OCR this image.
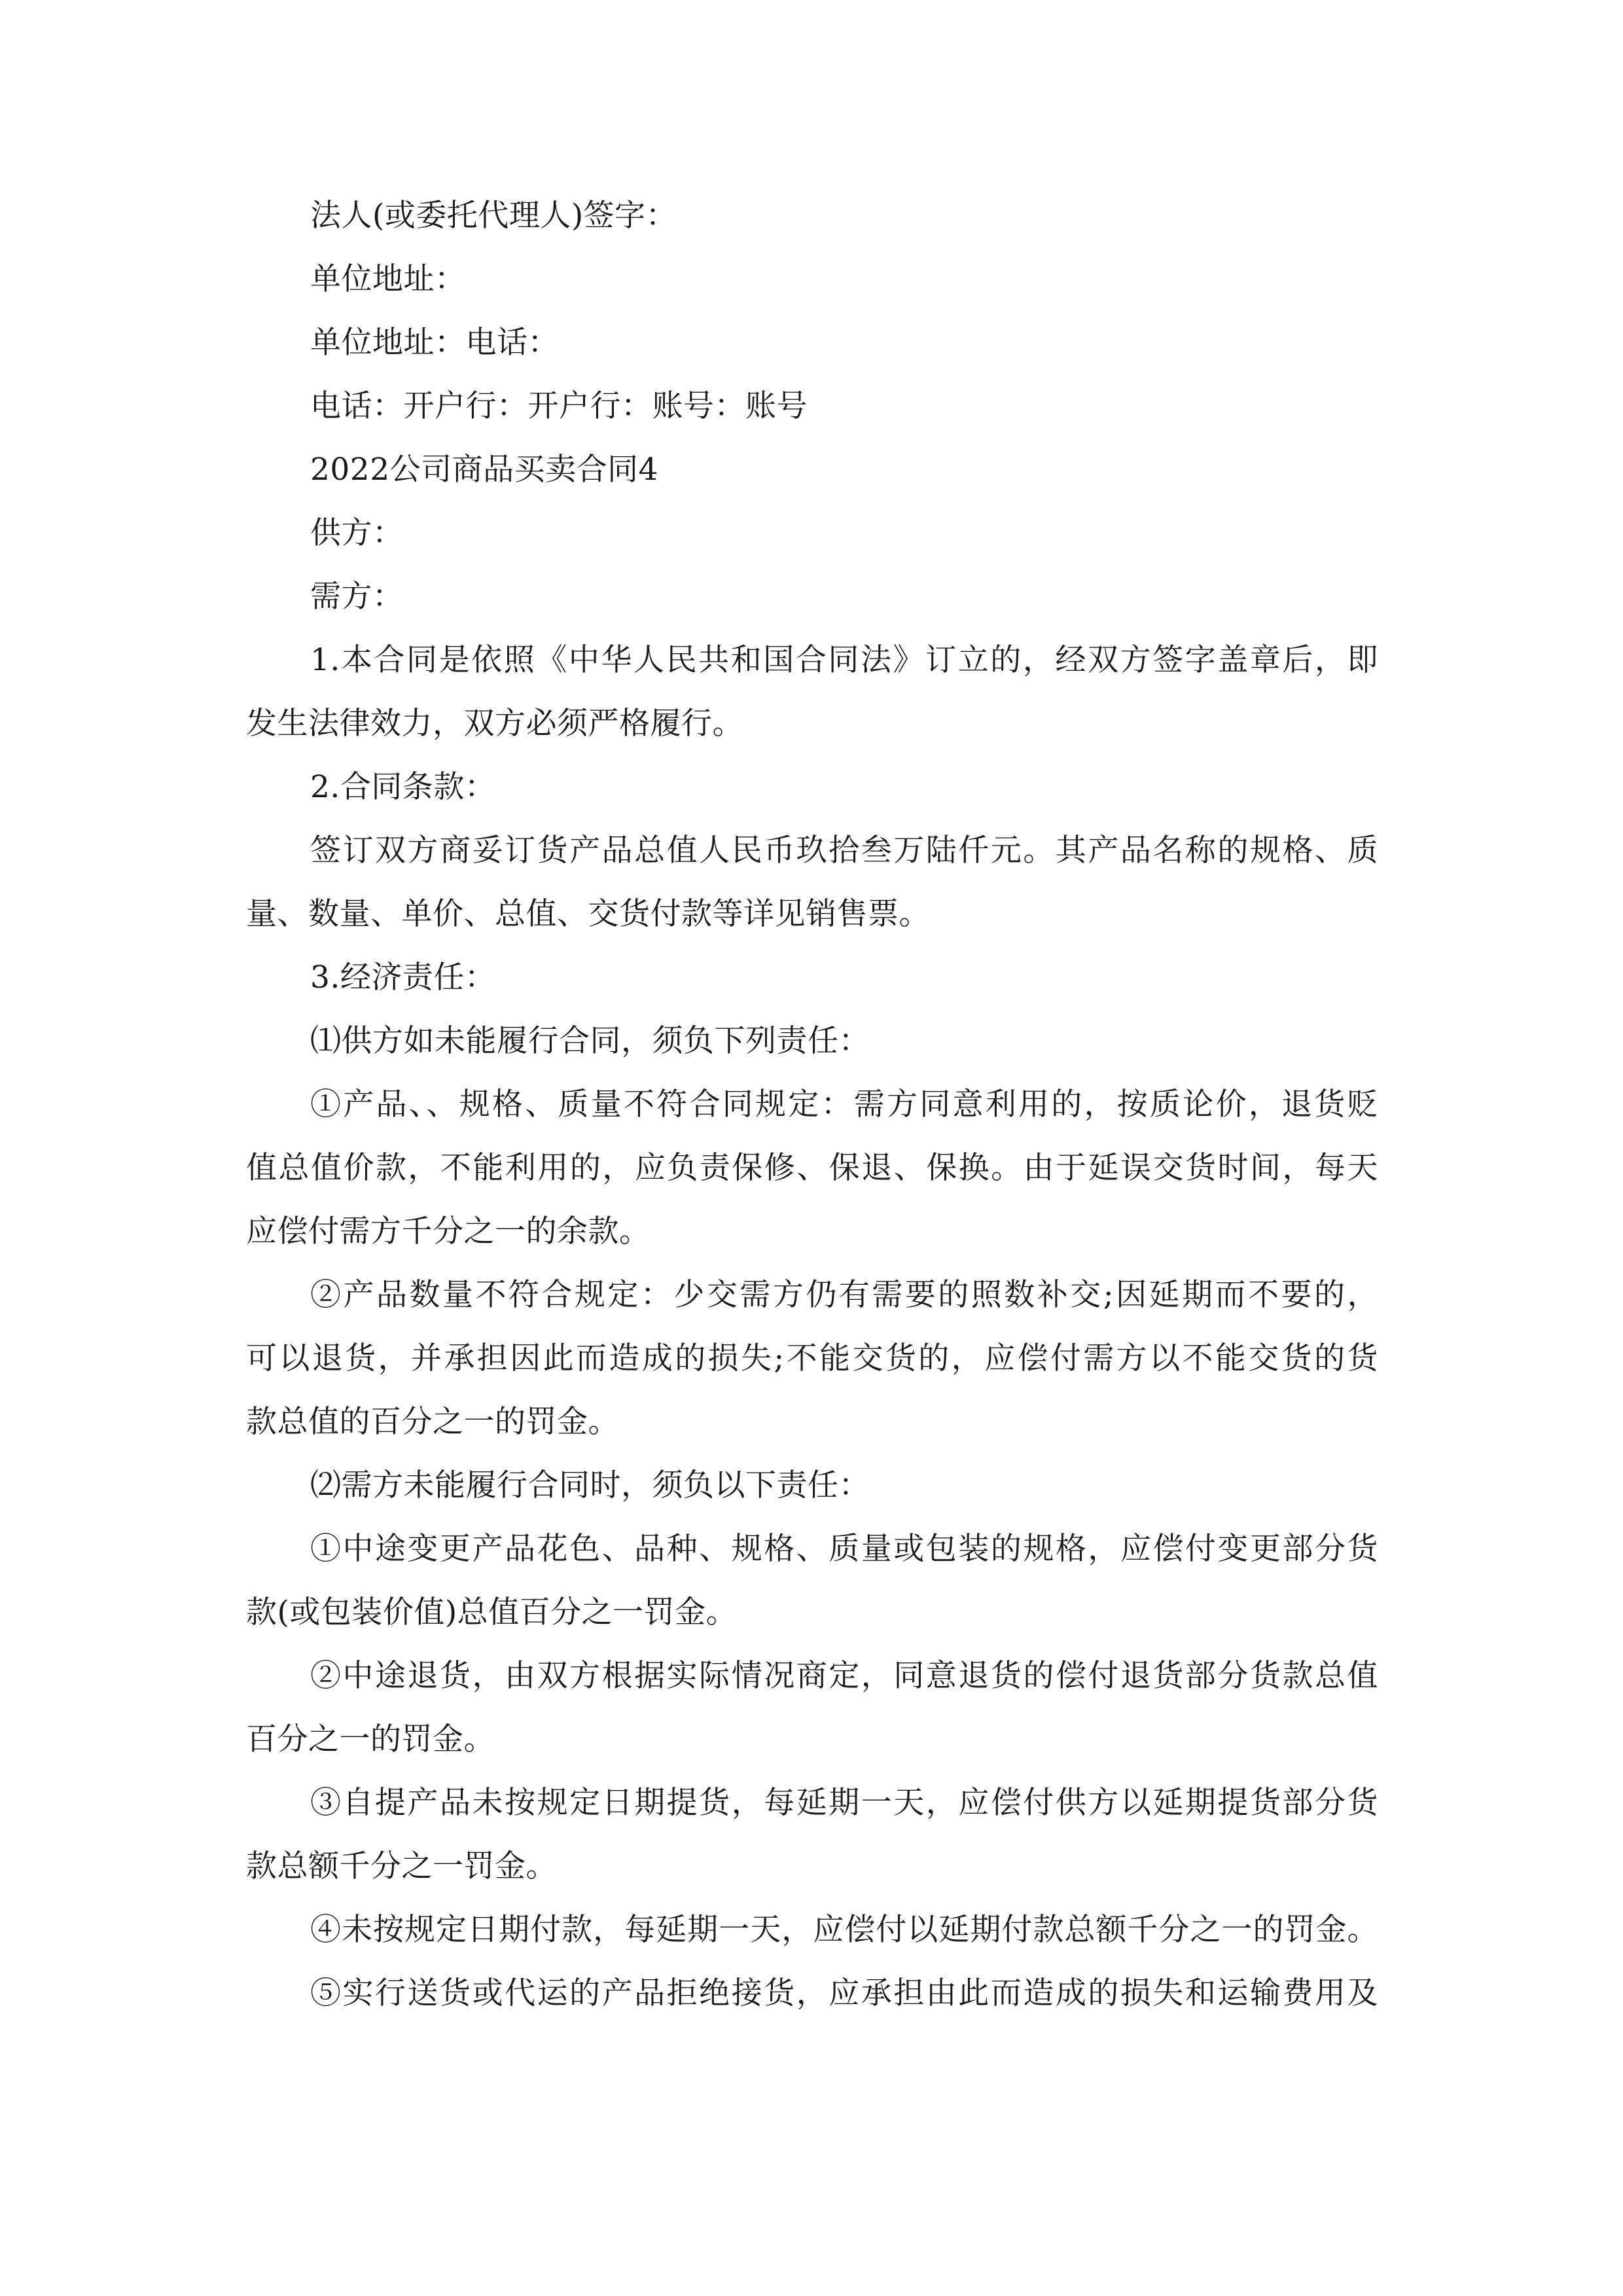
法人(或委托代理人)签字：
单位地址：
单位地址：电话：
电话：开户行：开户行：账号：账号
2022公司商品买卖合同4
供方：
需方：
1.本合同是依照《中华人民共和国合同法》订立的，经双方签字盖章后，即
发生法律效力，双方必须严格履行。
2.合同条款：
签订双方商妥订货产品总值人民币玖拾叁万陆仟元。其产品名称的规格、质
量、数量、单价、总值、交货付款等详见销售票。
3.经济责任：
⑴供方如未能履行合同，须负下列责任：
①产品、、规格、质量不符合同规定：需方同意利用的，按质论价，退货贬
值总值价款，不能利用的，应负责保修、保退、保换。由于延误交货时间，每天
应偿付需方千分之一的余款。
②产品数量不符合规定：少交需方仍有需要的照数补交;因延期而不要的，
可以退货，并承担因此而造成的损失;不能交货的，应偿付需方以不能交货的货
款总值的百分之一的罚金。
⑵需方未能履行合同时，须负以下责任：
①中途变更产品花色、品种、规格、质量或包装的规格，应偿付变更部分货
款(或包装价值)总值百分之一罚金。
②中途退货，由双方根据实际情况商定，同意退货的偿付退货部分货款总值
百分之一的罚金。
③自提产品未按规定日期提货，每延期一天，应偿付供方以延期提货部分货
款总额千分之一罚金。
④未按规定日期付款，每延期一天，应偿付以延期付款总额千分之一的罚金。
⑤实行送货或代运的产品拒绝接货，应承担由此而造成的损失和运输费用及
